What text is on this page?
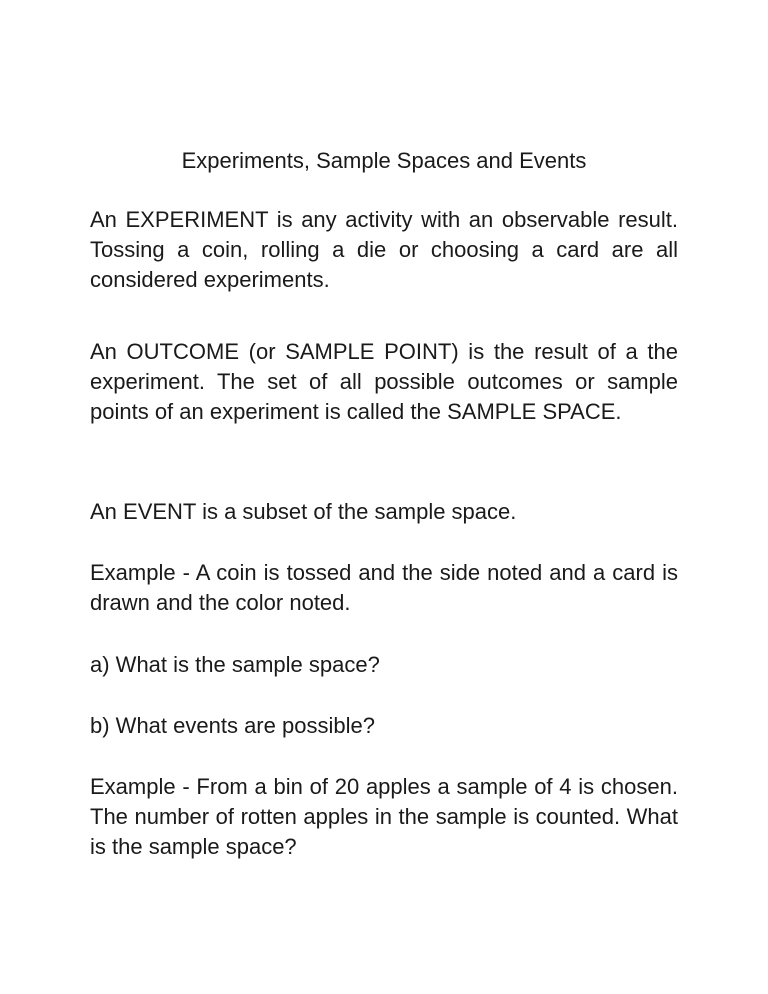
Experiments, Sample Spaces and Events

An EXPERIMENT is any activity with an observable result. Tossing a coin, rolling a die or choosing a card are all considered experiments.

An OUTCOME (or SAMPLE POINT) is the result of a the experiment. The set of all possible outcomes or sample points of an experiment is called the SAMPLE SPACE.

An EVENT is a subset of the sample space.

Example - A coin is tossed and the side noted and a card is drawn and the color noted.

a) What is the sample space?

b) What events are possible?

Example - From a bin of 20 apples a sample of 4 is chosen. The number of rotten apples in the sample is counted. What is the sample space?
